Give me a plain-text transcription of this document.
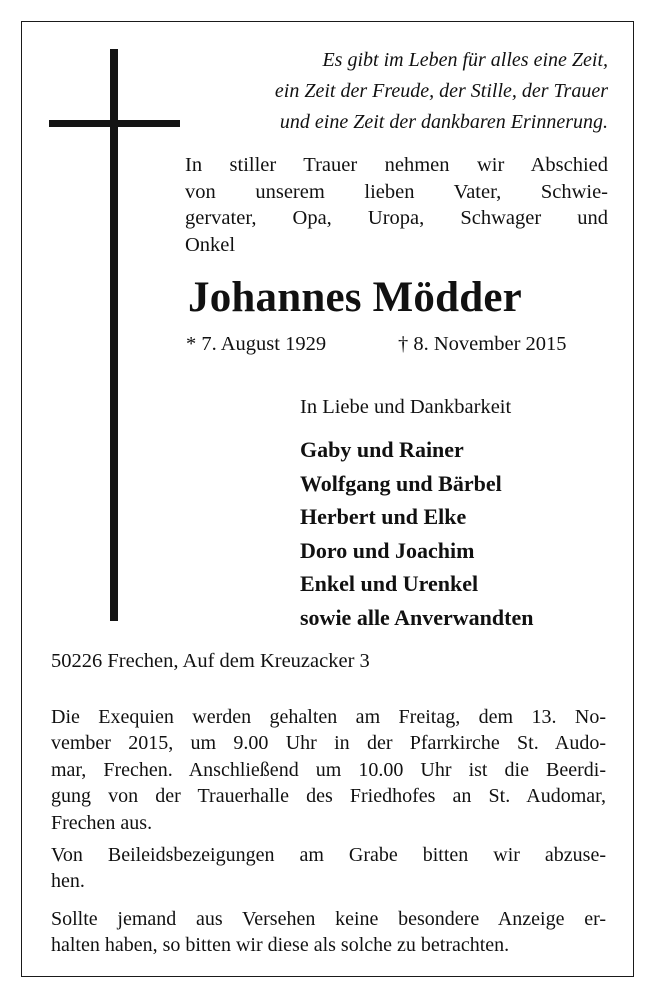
Es gibt im Leben für alles eine Zeit,
ein Zeit der Freude, der Stille, der Trauer
und eine Zeit der dankbaren Erinnerung.
In stiller Trauer nehmen wir Abschied
von unserem lieben Vater, Schwie-
gervater, Opa, Uropa, Schwager und
Onkel
Johannes Mödder
* 7. August 1929	† 8. November 2015
In Liebe und Dankbarkeit
Gaby und Rainer
Wolfgang und Bärbel
Herbert und Elke
Doro und Joachim
Enkel und Urenkel
sowie alle Anverwandten
50226 Frechen, Auf dem Kreuzacker 3
Die Exequien werden gehalten am Freitag, dem 13. No-
vember 2015, um 9.00 Uhr in der Pfarrkirche St. Audo-
mar, Frechen. Anschließend um 10.00 Uhr ist die Beerdi-
gung von der Trauerhalle des Friedhofes an St. Audomar,
Frechen aus.
Von Beileidsbezeigungen am Grabe bitten wir abzuse-
hen.
Sollte jemand aus Versehen keine besondere Anzeige er-
halten haben, so bitten wir diese als solche zu betrachten.
